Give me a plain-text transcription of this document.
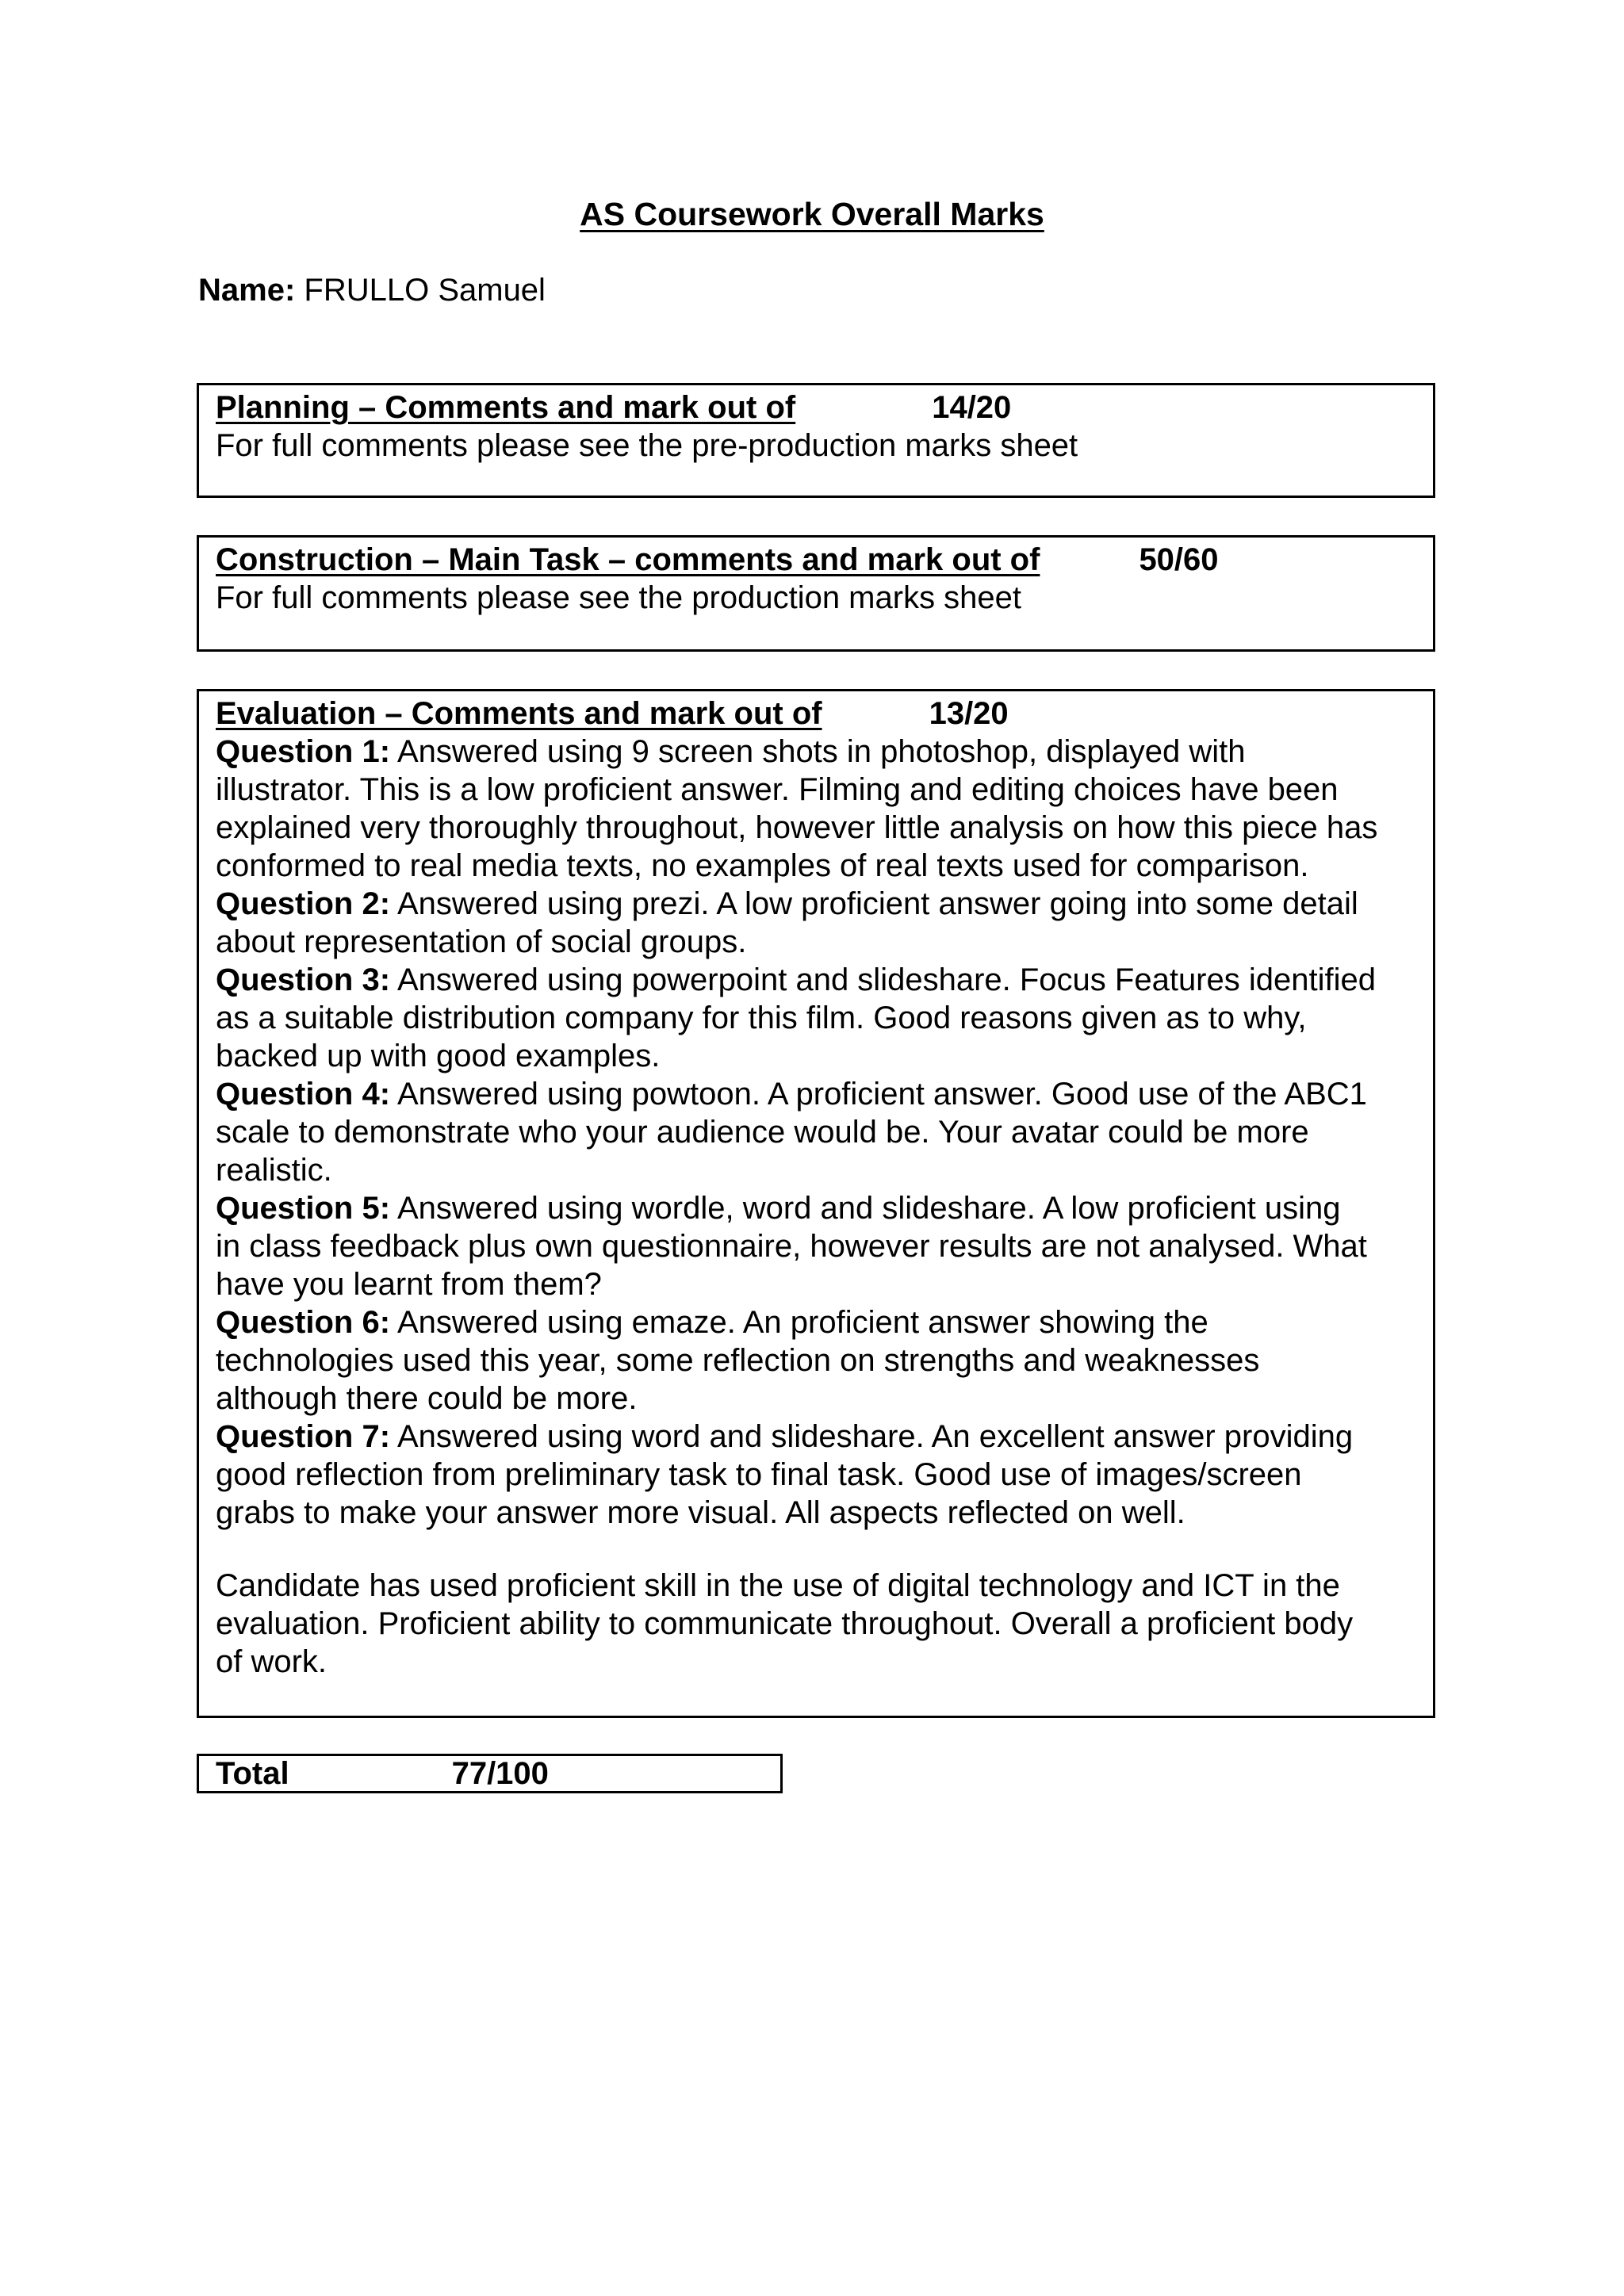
AS Coursework Overall Marks

Name: FRULLO Samuel

Planning – Comments and mark out of	14/20
For full comments please see the pre-production marks sheet
Construction – Main Task – comments and mark out of	50/60
For full comments please see the production marks sheet
Evaluation – Comments and mark out of	13/20
Question 1: Answered using 9 screen shots in photoshop, displayed with
illustrator. This is a low proficient answer. Filming and editing choices have been
explained very thoroughly throughout, however little analysis on how this piece has
conformed to real media texts, no examples of real texts used for comparison.
Question 2: Answered using prezi. A low proficient answer going into some detail
about representation of social groups.
Question 3: Answered using powerpoint and slideshare. Focus Features identified
as a suitable distribution company for this film. Good reasons given as to why,
backed up with good examples.
Question 4: Answered using powtoon. A proficient answer. Good use of the ABC1
scale to demonstrate who your audience would be. Your avatar could be more
realistic.
Question 5: Answered using wordle, word and slideshare. A low proficient using
in class feedback plus own questionnaire, however results are not analysed. What
have you learnt from them?
Question 6: Answered using emaze. An proficient answer showing the
technologies used this year, some reflection on strengths and weaknesses
although there could be more.
Question 7: Answered using word and slideshare. An excellent answer providing
good reflection from preliminary task to final task. Good use of images/screen
grabs to make your answer more visual. All aspects reflected on well.
Candidate has used proficient skill in the use of digital technology and ICT in the
evaluation. Proficient ability to communicate throughout. Overall a proficient body
of work.
Total	77/100
